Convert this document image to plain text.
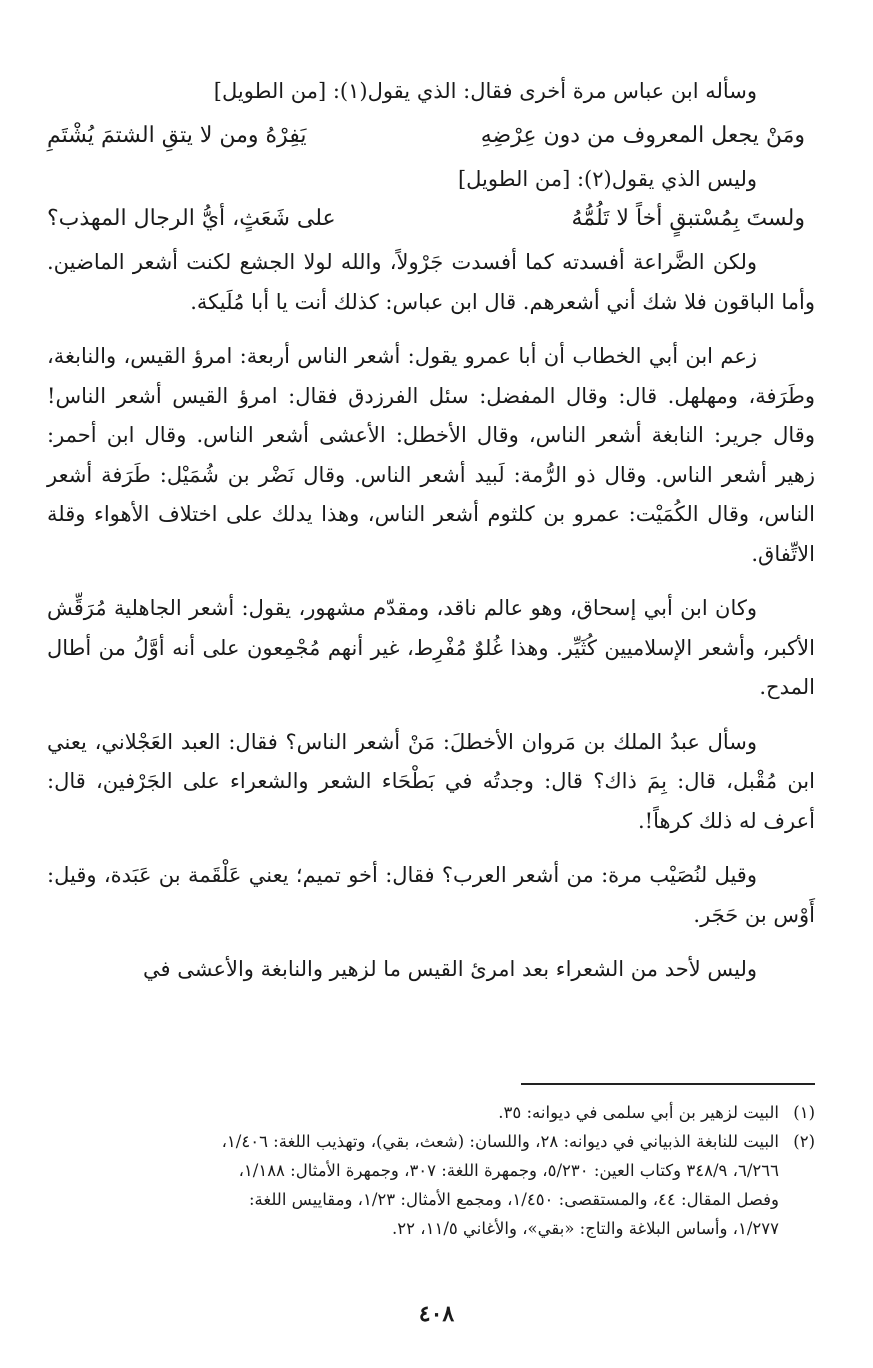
وسأله ابن عباس مرة أخرى فقال: الذي يقول(١): [من الطويل]

ومَنْ يجعل المعروف من دون عِرْضِهِ
يَفِرْهُ ومن لا يتقِ الشتمَ يُشْتَمِ

وليس الذي يقول(٢): [من الطويل]

ولستَ بِمُسْتبقٍ أخاً لا تَلُمُّهُ
على شَعَثٍ، أيُّ الرجال المهذب؟

ولكن الضَّراعة أفسدته كما أفسدت جَرْولاً، والله لولا الجشع لكنت أشعر الماضين. وأما الباقون فلا شك أني أشعرهم. قال ابن عباس: كذلك أنت يا أبا مُلَيكة.

زعم ابن أبي الخطاب أن أبا عمرو يقول: أشعر الناس أربعة: امرؤ القيس، والنابغة، وطَرَفة، ومهلهل. قال: وقال المفضل: سئل الفرزدق فقال: امرؤ القيس أشعر الناس! وقال جرير: النابغة أشعر الناس، وقال الأخطل: الأعشى أشعر الناس. وقال ابن أحمر: زهير أشعر الناس. وقال ذو الرُّمة: لَبيد أشعر الناس. وقال نَضْر بن شُمَيْل: طَرَفة أشعر الناس، وقال الكُمَيْت: عمرو بن كلثوم أشعر الناس، وهذا يدلك على اختلاف الأهواء وقلة الاتِّفاق.

وكان ابن أبي إسحاق، وهو عالم ناقد، ومقدّم مشهور، يقول: أشعر الجاهلية مُرَقِّش الأكبر، وأشعر الإسلاميين كُثَيِّر. وهذا غُلوٌ مُفْرِط، غير أنهم مُجْمِعون على أنه أوَّلُ من أطال المدح.

وسأل عبدُ الملك بن مَروان الأخطلَ: مَنْ أشعر الناس؟ فقال: العبد العَجْلاني، يعني ابن مُقْبل، قال: بِمَ ذاك؟ قال: وجدتُه في بَطْحَاء الشعر والشعراء على الجَرْفين، قال: أعرف له ذلك كرهاً!.

وقيل لنُصَيْب مرة: من أشعر العرب؟ فقال: أخو تميم؛ يعني عَلْقَمة بن عَبَدة، وقيل: أَوْس بن حَجَر.

وليس لأحد من الشعراء بعد امرئ القيس ما لزهير والنابغة والأعشى في

(١)البيت لزهير بن أبي سلمى في ديوانه: ٣٥.

(٢)البيت للنابغة الذبياني في ديوانه: ٢٨، واللسان: (شعث، بقي)، وتهذيب اللغة: ١/٤٠٦،

٦/٢٦٦، ٣٤٨/٩ وكتاب العين: ٥/٢٣٠، وجمهرة اللغة: ٣٠٧، وجمهرة الأمثال: ١/١٨٨،

وفصل المقال: ٤٤، والمستقصى: ١/٤٥٠، ومجمع الأمثال: ١/٢٣، ومقاييس اللغة:

١/٢٧٧، وأساس البلاغة والتاج: «بقي»، والأغاني ١١/٥، ٢٢.

٤٠٨
